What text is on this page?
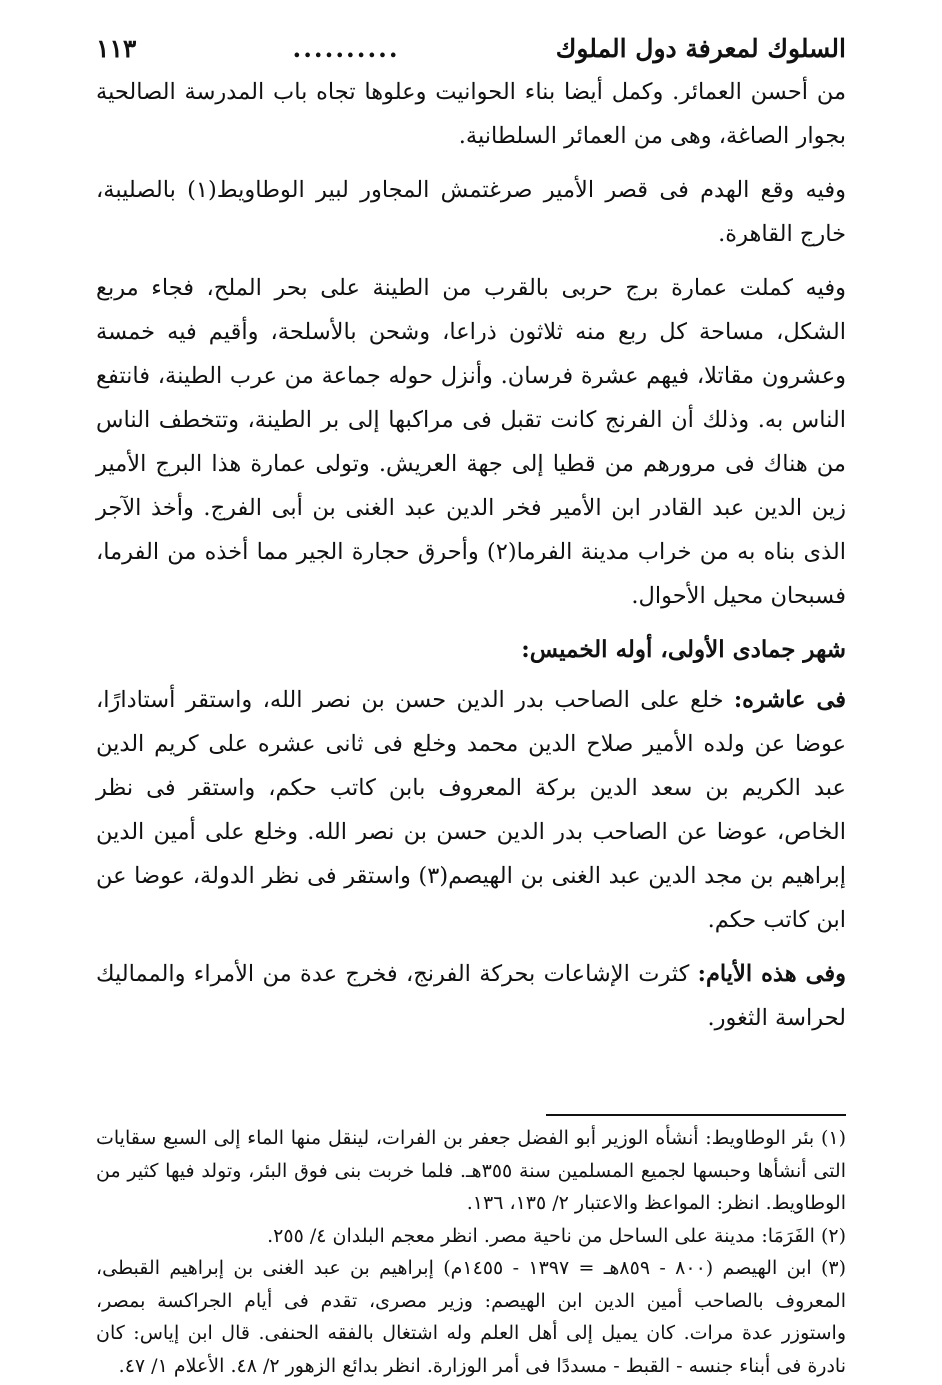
السلوك لمعرفة دول الملوك
..........
١١٣

من أحسن العمائر. وكمل أيضا بناء الحوانيت وعلوها تجاه باب المدرسة الصالحية بجوار الصاغة، وهى من العمائر السلطانية.

وفيه وقع الهدم فى قصر الأمير صرغتمش المجاور لبير الوطاويط(١) بالصليبة، خارج القاهرة.

وفيه كملت عمارة برج حربى بالقرب من الطينة على بحر الملح، فجاء مربع الشكل، مساحة كل ربع منه ثلاثون ذراعا، وشحن بالأسلحة، وأقيم فيه خمسة وعشرون مقاتلا، فيهم عشرة فرسان. وأنزل حوله جماعة من عرب الطينة، فانتفع الناس به. وذلك أن الفرنج كانت تقبل فى مراكبها إلى بر الطينة، وتتخطف الناس من هناك فى مرورهم من قطيا إلى جهة العريش. وتولى عمارة هذا البرج الأمير زين الدين عبد القادر ابن الأمير فخر الدين عبد الغنى بن أبى الفرج. وأخذ الآجر الذى بناه به من خراب مدينة الفرما(٢) وأحرق حجارة الجير مما أخذه من الفرما، فسبحان محيل الأحوال.

شهر جمادى الأولى، أوله الخميس:

فى عاشره: خلع على الصاحب بدر الدين حسن بن نصر الله، واستقر أستادارًا، عوضا عن ولده الأمير صلاح الدين محمد وخلع فى ثانى عشره على كريم الدين عبد الكريم بن سعد الدين بركة المعروف بابن كاتب حكم، واستقر فى نظر الخاص، عوضا عن الصاحب بدر الدين حسن بن نصر الله. وخلع على أمين الدين إبراهيم بن مجد الدين عبد الغنى بن الهيصم(٣) واستقر فى نظر الدولة، عوضا عن ابن كاتب حكم.

وفى هذه الأيام: كثرت الإشاعات بحركة الفرنج، فخرج عدة من الأمراء والمماليك لحراسة الثغور.

(١) بئر الوطاويط: أنشأه الوزير أبو الفضل جعفر بن الفرات، لينقل منها الماء إلى السبع سقايات التى أنشأها وحبسها لجميع المسلمين سنة ٣٥٥هـ. فلما خربت بنى فوق البئر، وتولد فيها كثير من الوطاويط. انظر: المواعظ والاعتبار ٢/ ١٣٥، ١٣٦.

(٢) الفَرَمَا: مدينة على الساحل من ناحية مصر. انظر معجم البلدان ٤/ ٢٥٥.

(٣) ابن الهيصم (٨٠٠ - ٨٥٩هـ = ١٣٩٧ - ١٤٥٥م) إبراهيم بن عبد الغنى بن إبراهيم القبطى، المعروف بالصاحب أمين الدين ابن الهيصم: وزير مصرى، تقدم فى أيام الجراكسة بمصر، واستوزر عدة مرات. كان يميل إلى أهل العلم وله اشتغال بالفقه الحنفى. قال ابن إياس: كان نادرة فى أبناء جنسه - القبط - مسددًا فى أمر الوزارة. انظر بدائع الزهور ٢/ ٤٨. الأعلام ١/ ٤٧.
